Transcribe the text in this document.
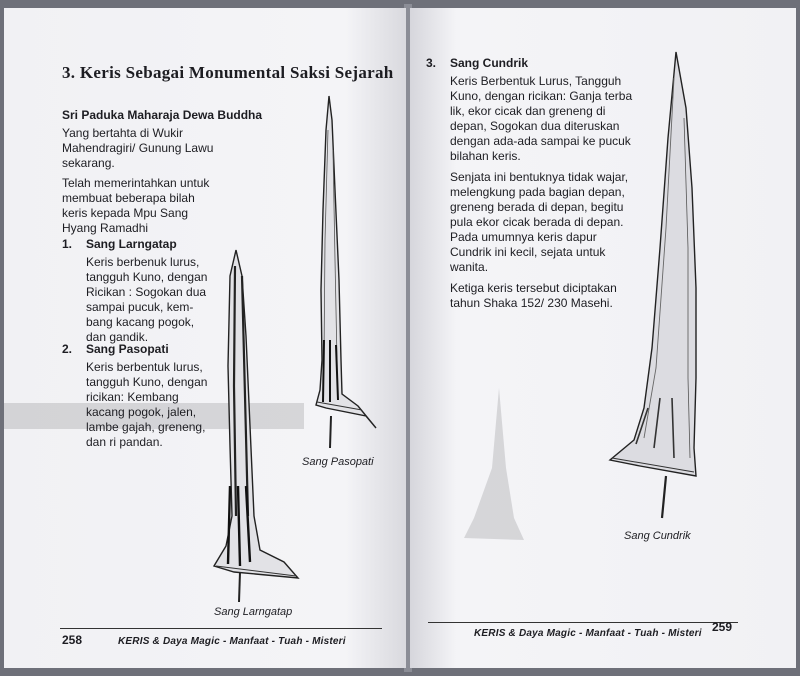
3. Keris Sebagai Monumental Saksi Sejarah
Sri Paduka Maharaja Dewa Buddha
Yang bertahta di Wukir
Mahendragiri/ Gunung Lawu
sekarang.
Telah memerintahkan untuk
membuat beberapa bilah
keris kepada Mpu Sang
Hyang Ramadhi
1. Sang Larngatap
Keris berbenuk lurus,
tangguh Kuno, dengan
Ricikan : Sogokan dua
sampai pucuk, kem-
bang kacang pogok,
dan gandik.
2. Sang Pasopati
Keris berbentuk lurus,
tangguh Kuno, dengan
ricikan: Kembang
kacang pogok, jalen,
lambe gajah, greneng,
dan ri pandan.
Sang Pasopati
Sang Larngatap
258	KERIS & Daya Magic - Manfaat - Tuah - Misteri
3. Sang Cundrik
Keris Berbentuk Lurus, Tangguh
Kuno, dengan ricikan: Ganja terba
lik, ekor cicak dan greneng di
depan, Sogokan dua diteruskan
dengan ada-ada sampai ke pucuk
bilahan keris.
Senjata ini bentuknya tidak wajar,
melengkung pada bagian depan,
greneng berada di depan, begitu
pula ekor cicak berada di depan.
Pada umumnya keris dapur
Cundrik ini kecil, sejata untuk
wanita.
Ketiga keris tersebut diciptakan
tahun Shaka 152/ 230 Masehi.
Sang Cundrik
KERIS & Daya Magic - Manfaat - Tuah - Misteri 259
